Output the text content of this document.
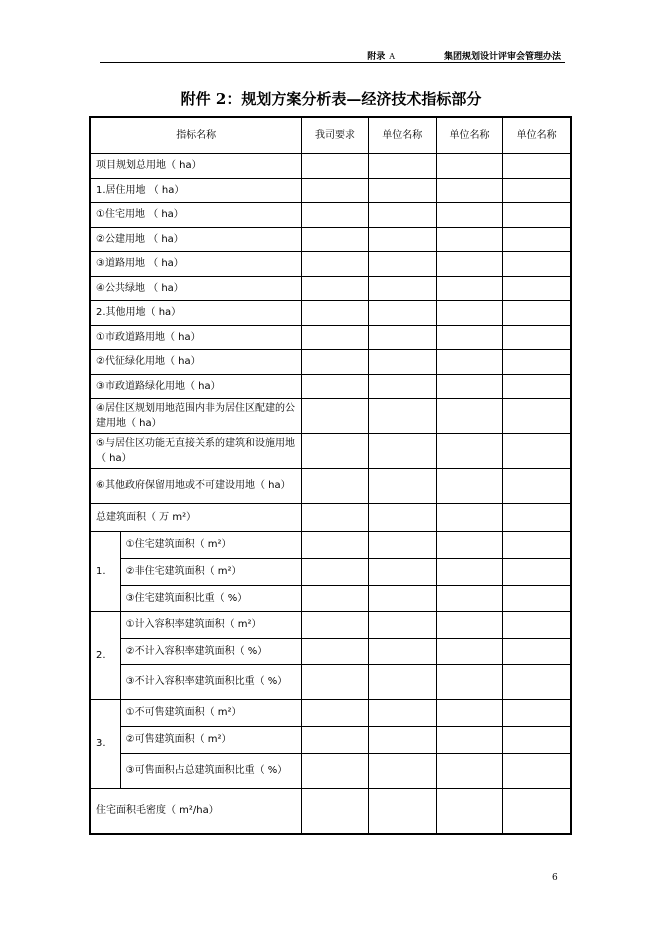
附录 A	集团规划设计评审会管理办法
附件 2：规划方案分析表—经济技术指标部分
指标名称		我司要求	单位名称	单位名称	单位名称
项目规划总用地（ ha）					
1.居住用地 （ ha）					
①住宅用地 （ ha）					
②公建用地 （ ha）					
③道路用地 （ ha）					
④公共绿地 （ ha）					
2.其他用地（ ha）					
①市政道路用地（ ha）					
②代征绿化用地（ ha）					
③市政道路绿化用地（ ha）					
④居住区规划用地范围内非为居住区配建的公建用地（ ha）					
⑤与居住区功能无直接关系的建筑和设施用地（ ha）					
⑥其他政府保留用地或不可建设用地（ ha）					
总建筑面积（ 万 m²）					
1.	①住宅建筑面积（ m²）				
	②非住宅建筑面积（ m²）				
	③住宅建筑面积比重（ %）				
2.	①计入容积率建筑面积（ m²）				
	②不计入容积率建筑面积（ %）				
	③不计入容积率建筑面积比重（ %）				
3.	①不可售建筑面积（ m²）				
	②可售建筑面积（ m²）				
	③可售面积占总建筑面积比重（ %）				
住宅面积毛密度（ m²/ha）					
6
